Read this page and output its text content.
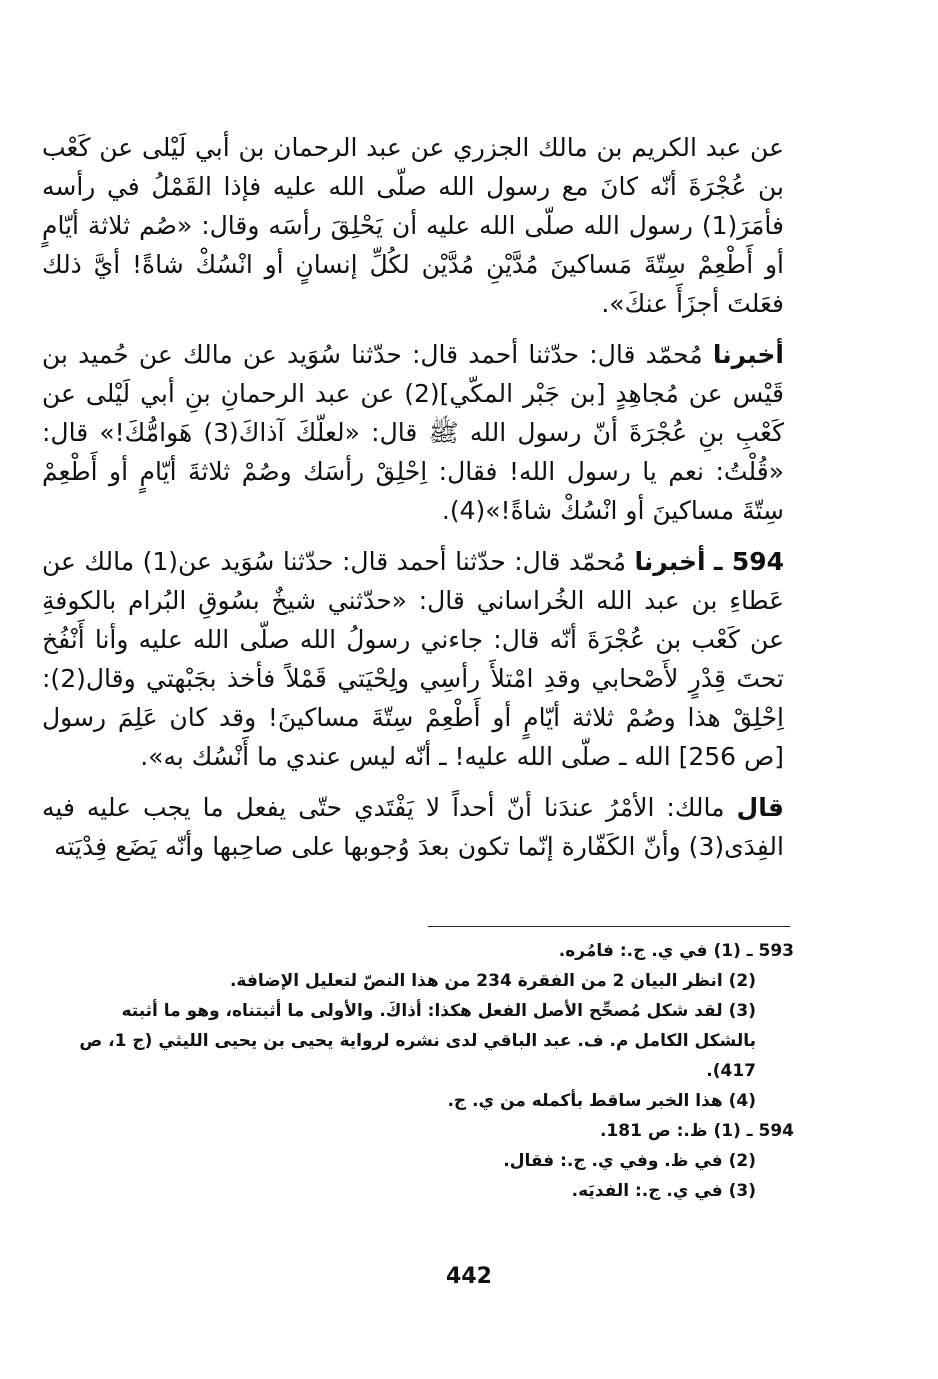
عن عبد الكريم بن مالك الجزري عن عبد الرحمان بن أبي لَيْلى عن كَعْب بن عُجْرَةَ أنّه كانَ مع رسول الله صلّى الله عليه فإذا القَمْلُ في رأسه فأمَرَ(1) رسول الله صلّى الله عليه أن يَحْلِقَ رأسَه وقال: «صُم ثلاثة أيّامٍ أو أَطْعِمْ سِتّةَ مَساكينَ مُدَّيْنِ مُدَّيْن لكُلِّ إنسانٍ أو انْسُكْ شاةً! أيَّ ذلك فعَلتَ أجزَأَ عنكَ».

أخبرنا مُحمّد قال: حدّثنا أحمد قال: حدّثنا سُوَيد عن مالك عن حُميد بن قَيْس عن مُجاهِدٍ [بن جَبْر المكّي](2) عن عبد الرحمانِ بنِ أبي لَيْلى عن كَعْبِ بنِ عُجْرَةَ أنّ رسول الله ﷺ قال: «لعلّكَ آذاكَ(3) هَوامُّكَ!» قال: «قُلْتُ: نعم يا رسول الله! فقال: اِحْلِقْ رأسَك وصُمْ ثلاثةَ أيّامٍ أو أَطْعِمْ سِتّةَ مساكينَ أو انْسُكْ شاةً!»(4).

594 ـ أخبرنا مُحمّد قال: حدّثنا أحمد قال: حدّثنا سُوَيد عن(1) مالك عن عَطاءِ بن عبد الله الخُراساني قال: «حدّثني شيخٌ بسُوقِ البُرام بالكوفةِ عن كَعْب بن عُجْرَةَ أنّه قال: جاءني رسولُ الله صلّى الله عليه وأنا أَنْفُخ تحتَ قِدْرٍ لأَصْحابي وقدِ امْتلأَ رأسِي ولِحْيَتي قَمْلاً فأخذ بجَبْهتي وقال(2): اِحْلِقْ هذا وصُمْ ثلاثة أيّامٍ أو أَطْعِمْ سِتّةَ مساكينَ! وقد كان عَلِمَ رسول [ص 256] الله ـ صلّى الله عليه! ـ أنّه ليس عندي ما أَنْسُك به».

قال مالك: الأمْرُ عندَنا أنّ أحداً لا يَفْتَدي حتّى يفعل ما يجب عليه فيه الفِدَى(3) وأنّ الكَفّارة إنّما تكون بعدَ وُجوبها على صاحِبها وأنّه يَضَع فِدْيَته

593 ـ (1) في ي. ج.: فامُره.

(2) انظر البيان 2 من الفقرة 234 من هذا النصّ لتعليل الإضافة.

(3) لقد شكل مُصحِّح الأصل الفعل هكذا: أذاكَ. والأولى ما أثبتناه، وهو ما أثبته بالشكل الكامل م. ف. عبد الباقي لدى نشره لرواية يحيى بن يحيى الليثي (ج 1، ص 417).

(4) هذا الخبر ساقط بأكمله من ي. ج.

594 ـ (1) ظ.: ص 181.

(2) في ظ. وفي ي. ج.: فقال.

(3) في ي. ج.: الفديَه.

442
